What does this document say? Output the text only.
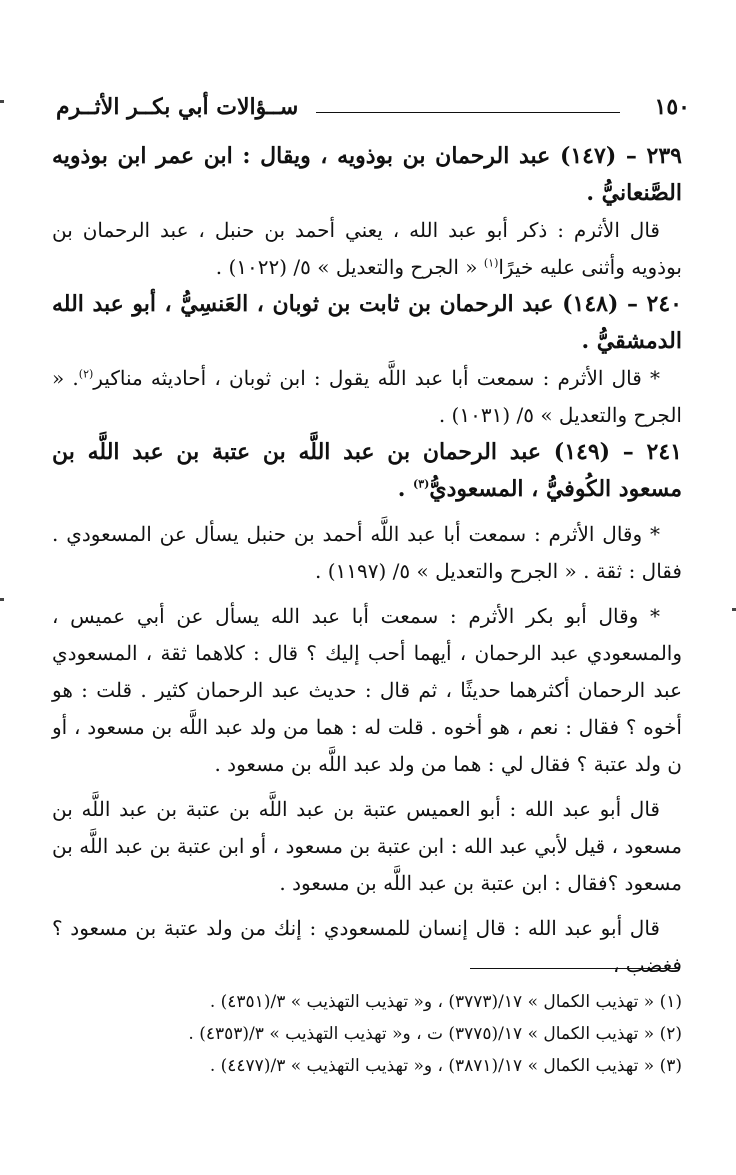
١٥٠
ســؤالات أبي بكــر الأثــرم

٢٣٩ – (١٤٧) عبد الرحمان بن بوذويه ، ويقال : ابن عمر ابن بوذويه الصَّنعانيُّ .

قال الأثرم : ذكر أبو عبد الله ، يعني أحمد بن حنبل ، عبد الرحمان بن بوذويه وأثنى عليه خيرًا$^{(١)}$ « الجرح والتعديل » ٥/ (١٠٢٢) .

٢٤٠ – (١٤٨) عبد الرحمان بن ثابت بن ثوبان ، العَنسِيُّ ، أبو عبد الله الدمشقيُّ .

* قال الأثرم : سمعت أبا عبد اللَّه يقول : ابن ثوبان ، أحاديثه مناكير$^{(٢)}$. « الجرح والتعديل » ٥/ (١٠٣١) .

٢٤١ – (١٤٩) عبد الرحمان بن عبد اللَّه بن عتبة بن عبد اللَّه بن مسعود الكُوفيُّ ، المسعوديُّ$^{(٣)}$ .

* وقال الأثرم : سمعت أبا عبد اللَّه أحمد بن حنبل يسأل عن المسعودي . فقال : ثقة . « الجرح والتعديل » ٥/ (١١٩٧) .

* وقال أبو بكر الأثرم : سمعت أبا عبد الله يسأل عن أبي عميس ، والمسعودي عبد الرحمان ، أيهما أحب إليك ؟ قال : كلاهما ثقة ، المسعودي عبد الرحمان أكثرهما حديثًا ، ثم قال : حديث عبد الرحمان كثير . قلت : هو أخوه ؟ فقال : نعم ، هو أخوه . قلت له : هما من ولد عبد اللَّه بن مسعود ، أو ن ولد عتبة ؟ فقال لي : هما من ولد عبد اللَّه بن مسعود .

قال أبو عبد الله : أبو العميس عتبة بن عبد اللَّه بن عتبة بن عبد اللَّه بن مسعود ، قيل لأبي عبد الله : ابن عتبة بن مسعود ، أو ابن عتبة بن عبد اللَّه بن مسعود ؟فقال : ابن عتبة بن عبد اللَّه بن مسعود .

قال أبو عبد الله : قال إنسان للمسعودي : إنك من ولد عتبة بن مسعود ؟ فغضب ،

(١) « تهذيب الكمال » ١٧/(٣٧٧٣) ، و« تهذيب التهذيب » ٣/(٤٣٥١) .

(٢) « تهذيب الكمال » ١٧/(٣٧٧٥) ت ، و« تهذيب التهذيب » ٣/(٤٣٥٣) .

(٣) « تهذيب الكمال » ١٧/(٣٨٧١) ، و« تهذيب التهذيب » ٣/(٤٤٧٧) .
